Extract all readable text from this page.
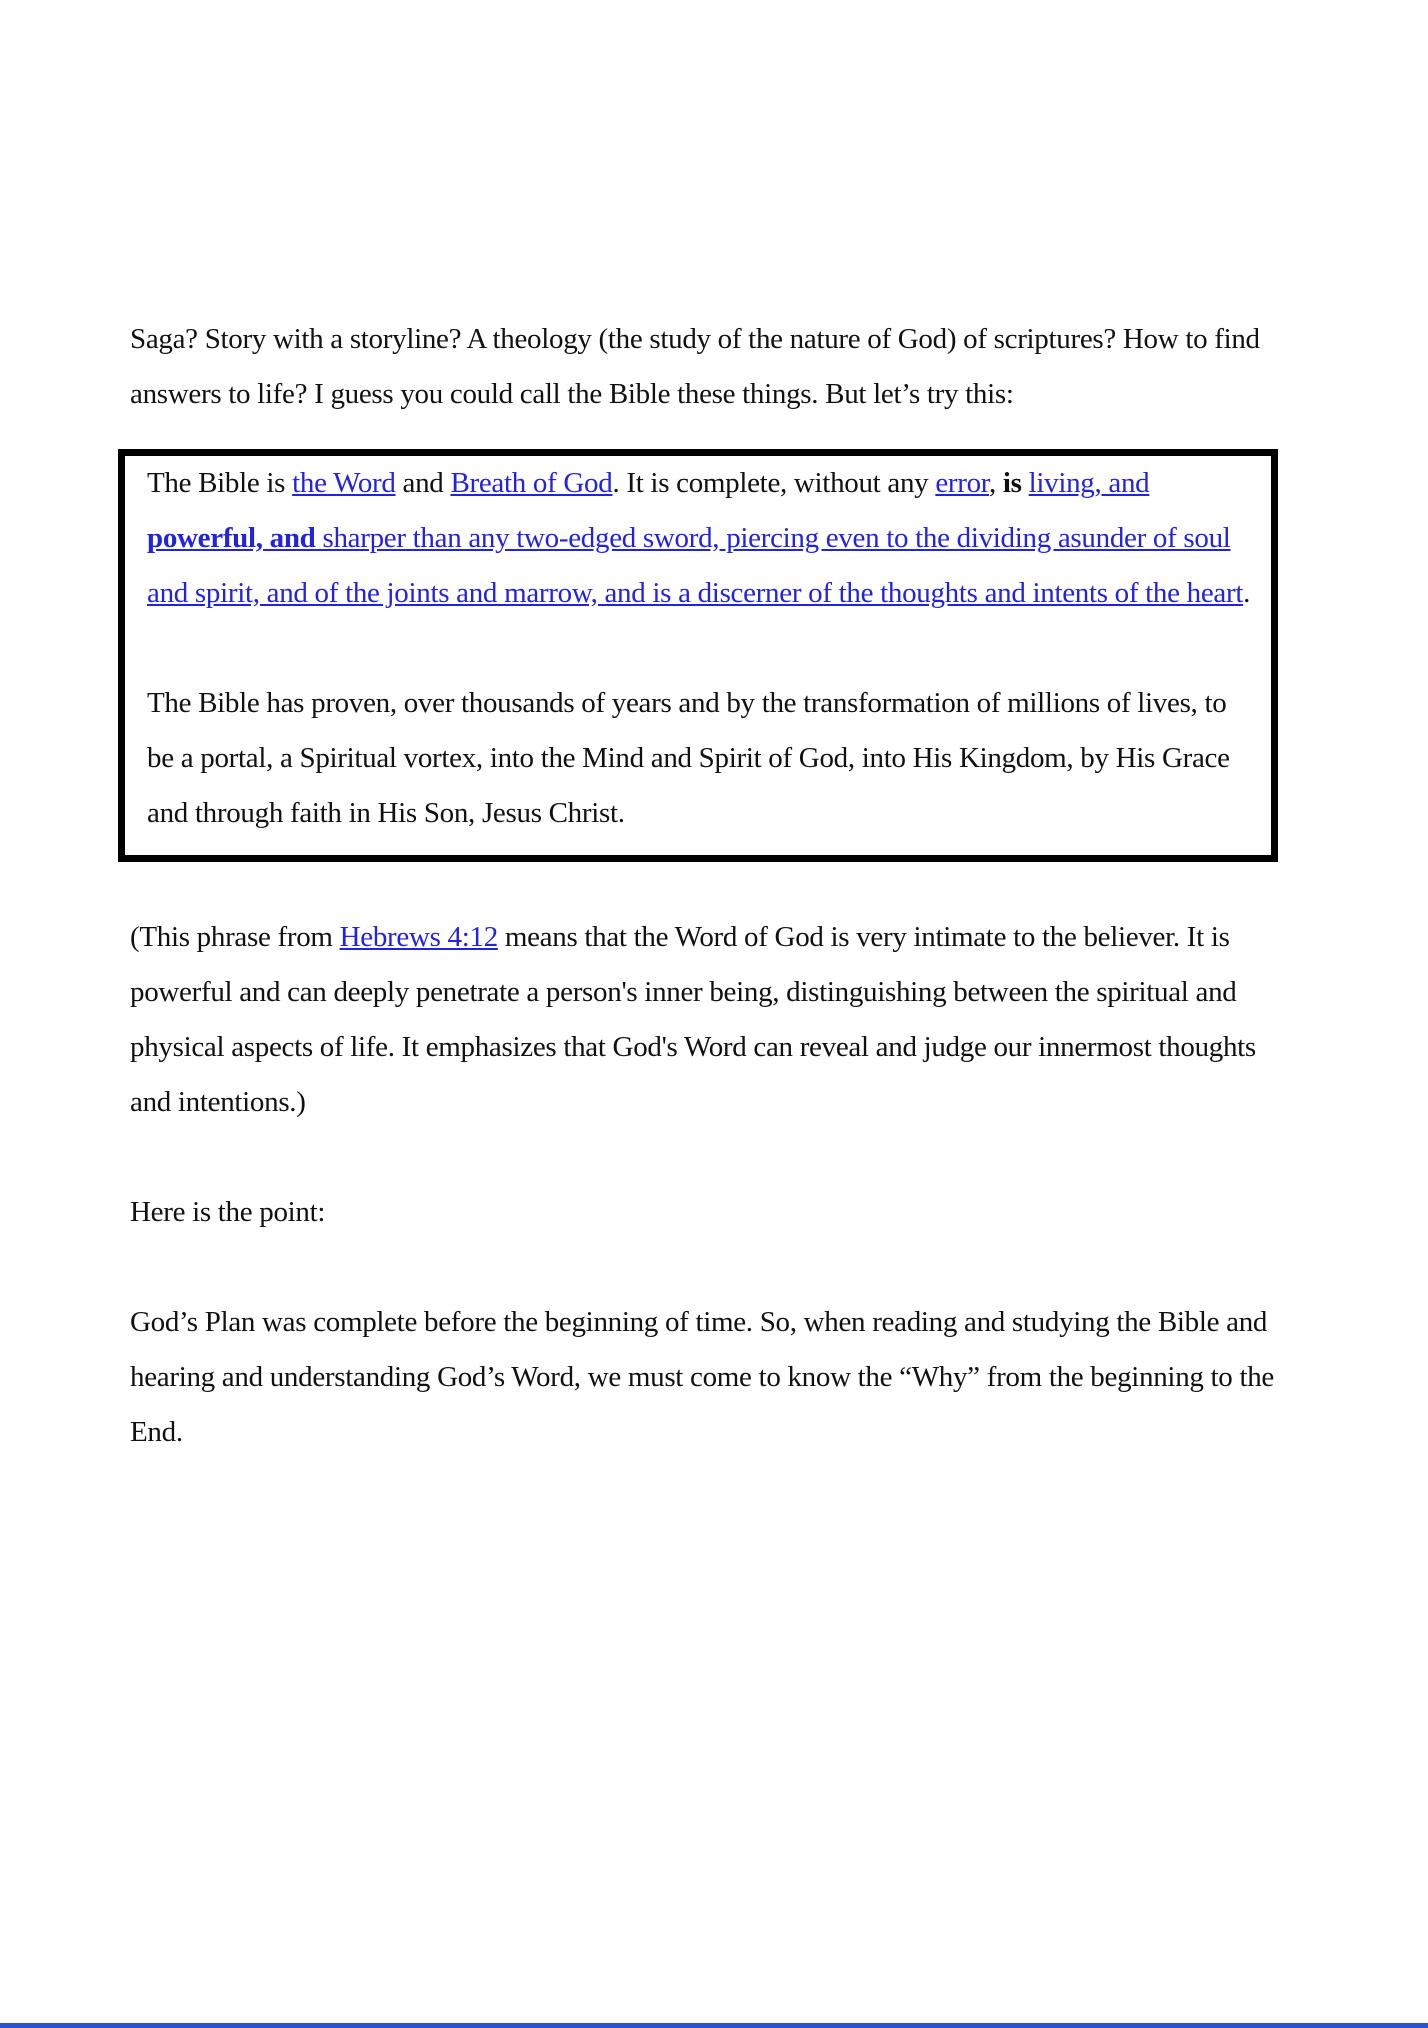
Saga? Story with a storyline? A theology (the study of the nature of God) of scriptures? How to find answers to life? I guess you could call the Bible these things. But let’s try this:

The Bible is the Word and Breath of God. It is complete, without any error, is living, and powerful, and sharper than any two-edged sword, piercing even to the dividing asunder of soul and spirit, and of the joints and marrow, and is a discerner of the thoughts and intents of the heart.

The Bible has proven, over thousands of years and by the transformation of millions of lives, to be a portal, a Spiritual vortex, into the Mind and Spirit of God, into His Kingdom, by His Grace and through faith in His Son, Jesus Christ.

(This phrase from Hebrews 4:12 means that the Word of God is very intimate to the believer. It is powerful and can deeply penetrate a person's inner being, distinguishing between the spiritual and physical aspects of life. It emphasizes that God's Word can reveal and judge our innermost thoughts and intentions.)

Here is the point:

God’s Plan was complete before the beginning of time. So, when reading and studying the Bible and hearing and understanding God’s Word, we must come to know the “Why” from the beginning to the End.
